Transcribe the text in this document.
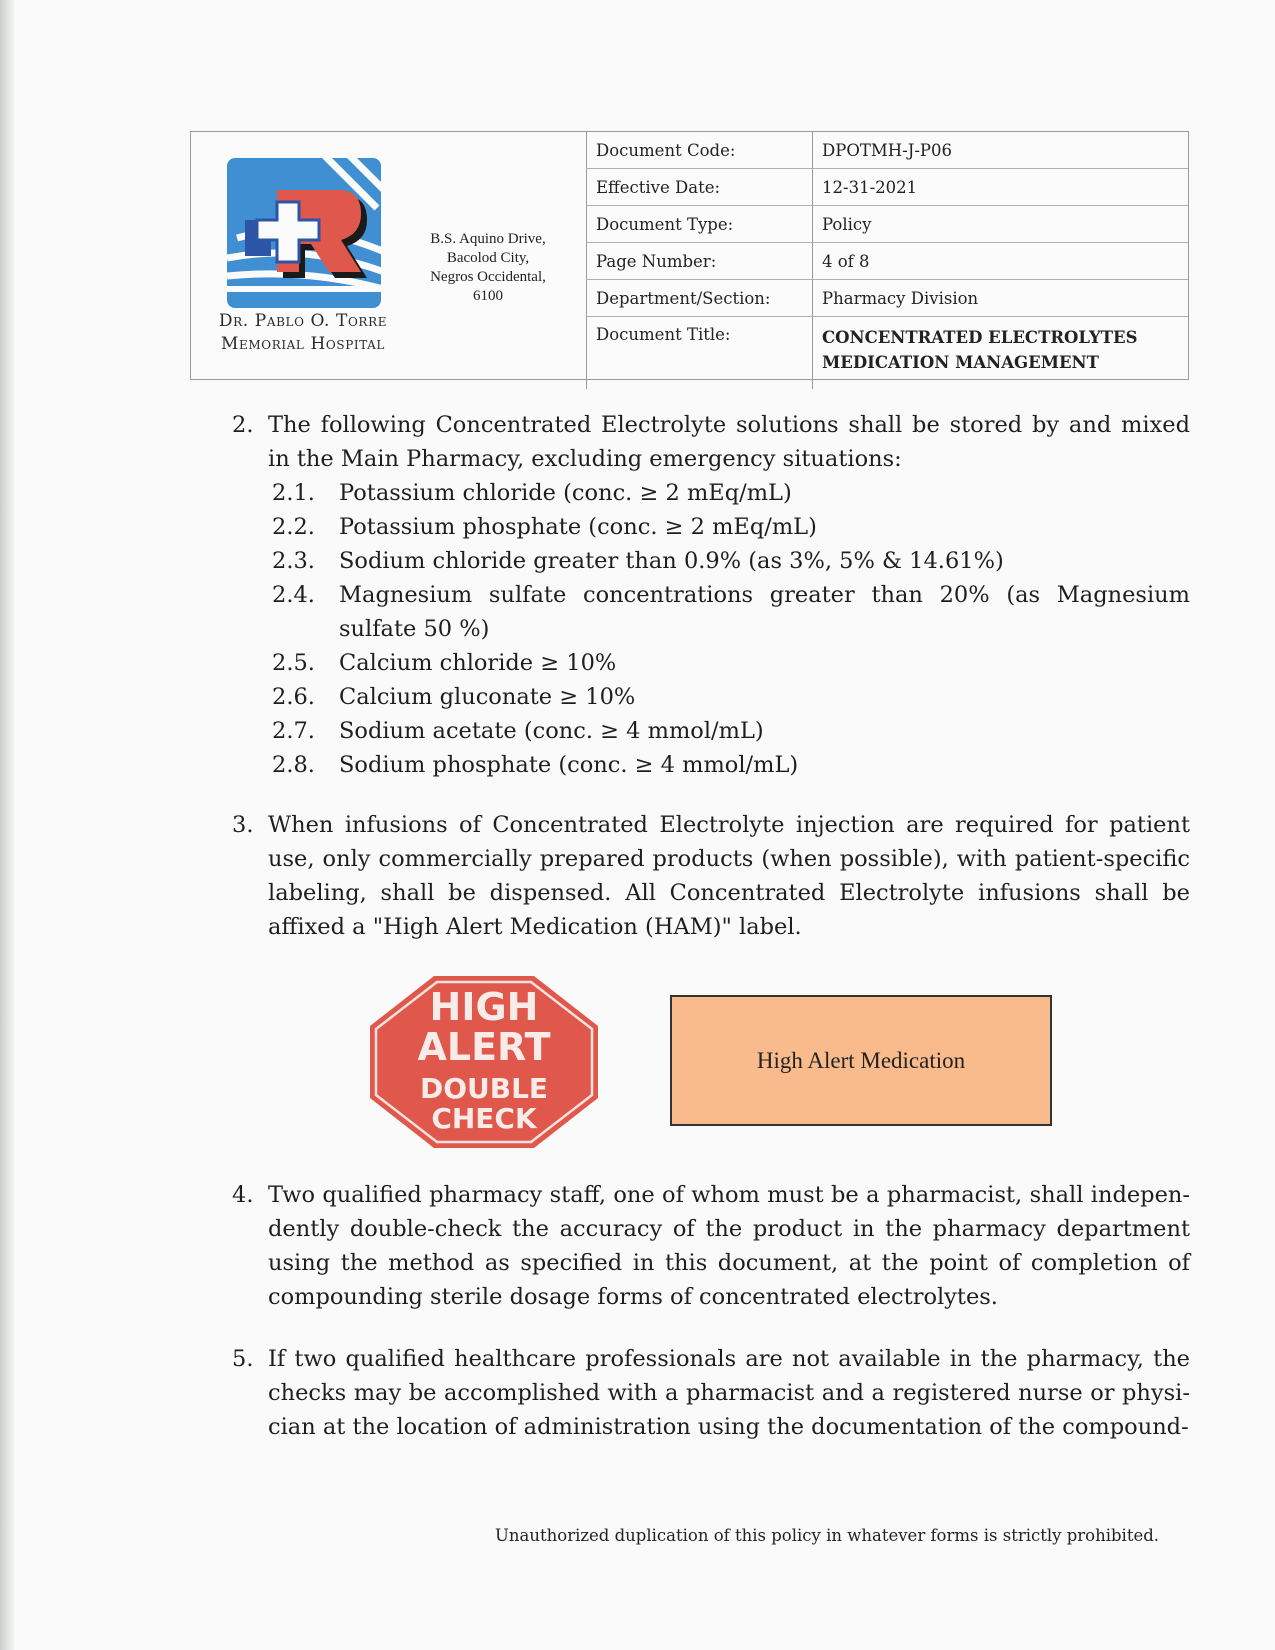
Dr. Pablo O. Torre
Memorial Hospital
B.S. Aquino Drive,
Bacolod City,
Negros Occidental,
6100
Document Code:	DPOTMH-J-P06
Effective Date:	12-31-2021
Document Type:	Policy
Page Number:	4 of 8
Department/Section:	Pharmacy Division
Document Title:	CONCENTRATED ELECTROLYTES
MEDICATION MANAGEMENT
2. The following Concentrated Electrolyte solutions shall be stored by and mixed in the Main Pharmacy, excluding emergency situations:
2.1. Potassium chloride (conc. ≥ 2 mEq/mL)
2.2. Potassium phosphate (conc. ≥ 2 mEq/mL)
2.3. Sodium chloride greater than 0.9% (as 3%, 5% & 14.61%)
2.4. Magnesium sulfate concentrations greater than 20% (as Magnesium sulfate 50 %)
2.5. Calcium chloride ≥ 10%
2.6. Calcium gluconate ≥ 10%
2.7. Sodium acetate (conc. ≥ 4 mmol/mL)
2.8. Sodium phosphate (conc. ≥ 4 mmol/mL)
3. When infusions of Concentrated Electrolyte injection are required for patient use, only commercially prepared products (when possible), with patient-specific labeling, shall be dispensed. All Concentrated Electrolyte infusions shall be affixed a "High Alert Medication (HAM)" label.
HIGH
ALERT
DOUBLE
CHECK
High Alert Medication
4. Two qualified pharmacy staff, one of whom must be a pharmacist, shall independently double-check the accuracy of the product in the pharmacy department using the method as specified in this document, at the point of completion of compounding sterile dosage forms of concentrated electrolytes.
5. If two qualified healthcare professionals are not available in the pharmacy, the checks may be accomplished with a pharmacist and a registered nurse or physician at the location of administration using the documentation of the compound-
Unauthorized duplication of this policy in whatever forms is strictly prohibited.
